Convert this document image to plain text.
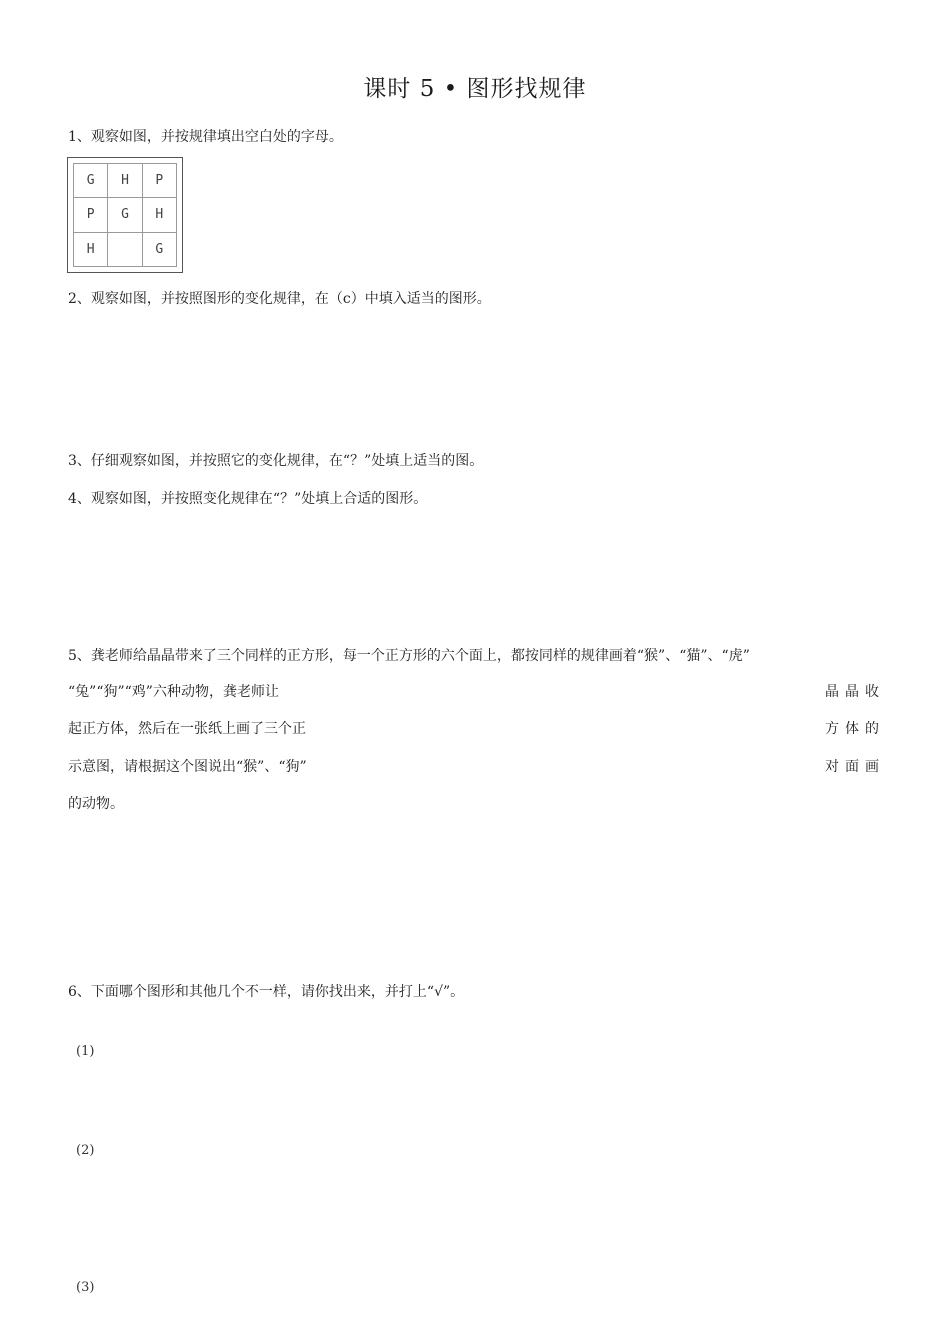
课时 5 • 图形找规律
1、观察如图，并按规律填出空白处的字母。
G	H	P
P	G	H
H		G
2、观察如图，并按照图形的变化规律，在（c）中填入适当的图形。
3、仔细观察如图，并按照它的变化规律，在“？”处填上适当的图。
4、观察如图，并按照变化规律在“？”处填上合适的图形。
5、龚老师给晶晶带来了三个同样的正方形，每一个正方形的六个面上，都按同样的规律画着“猴”、“猫”、“虎”
“兔”“狗”“鸡”六种动物，龚老师让	晶晶收
起正方体，然后在一张纸上画了三个正	方体的
示意图，请根据这个图说出“猴”、“狗”	对面画
的动物。
6、下面哪个图形和其他几个不一样，请你找出来，并打上“√”。
(1)
(2)
(3)
